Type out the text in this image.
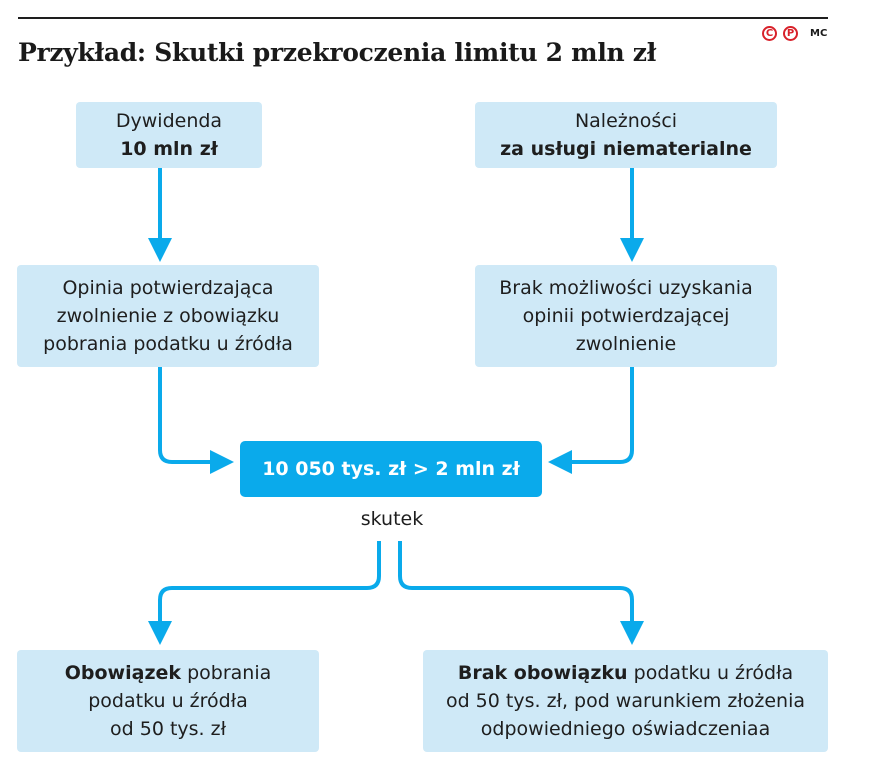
Przykład: Skutki przekroczenia limitu 2 mln zł
C	P	MC
Dywidenda
10 mln zł
Należności
za usługi niematerialne
Opinia potwierdzająca
zwolnienie z obowiązku
pobrania podatku u źródła
Brak możliwości uzyskania
opinii potwierdzającej
zwolnienie
10 050 tys. zł > 2 mln zł
skutek
Obowiązek pobrania
podatku u źródła
od 50 tys. zł
Brak obowiązku podatku u źródła
od 50 tys. zł, pod warunkiem złożenia
odpowiedniego oświadczeniaa
